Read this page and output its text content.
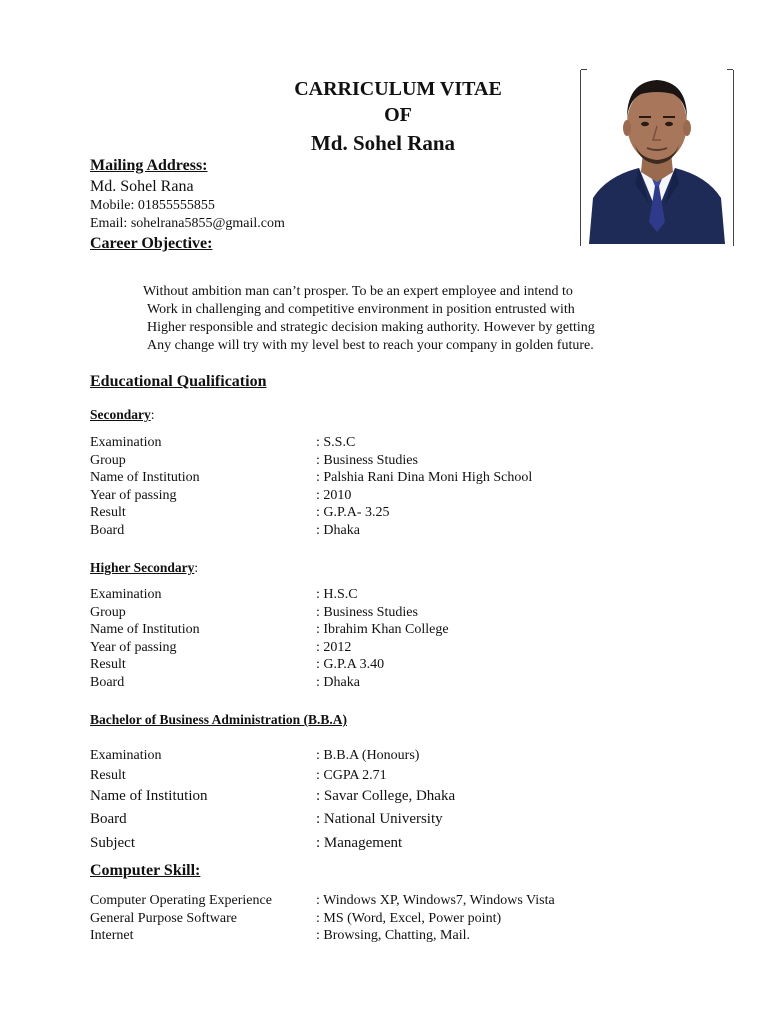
CARRICULUM VITAE
OF
Md. Sohel Rana
Mailing Address:
Md. Sohel Rana
Mobile: 01855555855
Email: sohelrana5855@gmail.com
Career Objective:
Without ambition man can’t prosper. To be an expert employee and intend to
Work in challenging and competitive environment in position entrusted with
Higher responsible and strategic decision making authority. However by getting
Any change will try with my level best to reach your company in golden future.
Educational Qualification
Secondary:
Examination	: S.S.C
Group	: Business Studies
Name of Institution	: Palshia Rani Dina Moni High School
Year of passing	: 2010
Result	: G.P.A- 3.25
Board	: Dhaka
Higher Secondary:
Examination	: H.S.C
Group	: Business Studies
Name of Institution	: Ibrahim Khan College
Year of passing	: 2012
Result	: G.P.A 3.40
Board	: Dhaka
Bachelor of Business Administration (B.B.A)
Examination	: B.B.A (Honours)
Result	: CGPA 2.71
Name of Institution	: Savar College, Dhaka
Board	: National University
Subject	: Management
Computer Skill:
Computer Operating Experience	: Windows XP, Windows7, Windows Vista
General Purpose Software	: MS (Word, Excel, Power point)
Internet	: Browsing, Chatting, Mail.
